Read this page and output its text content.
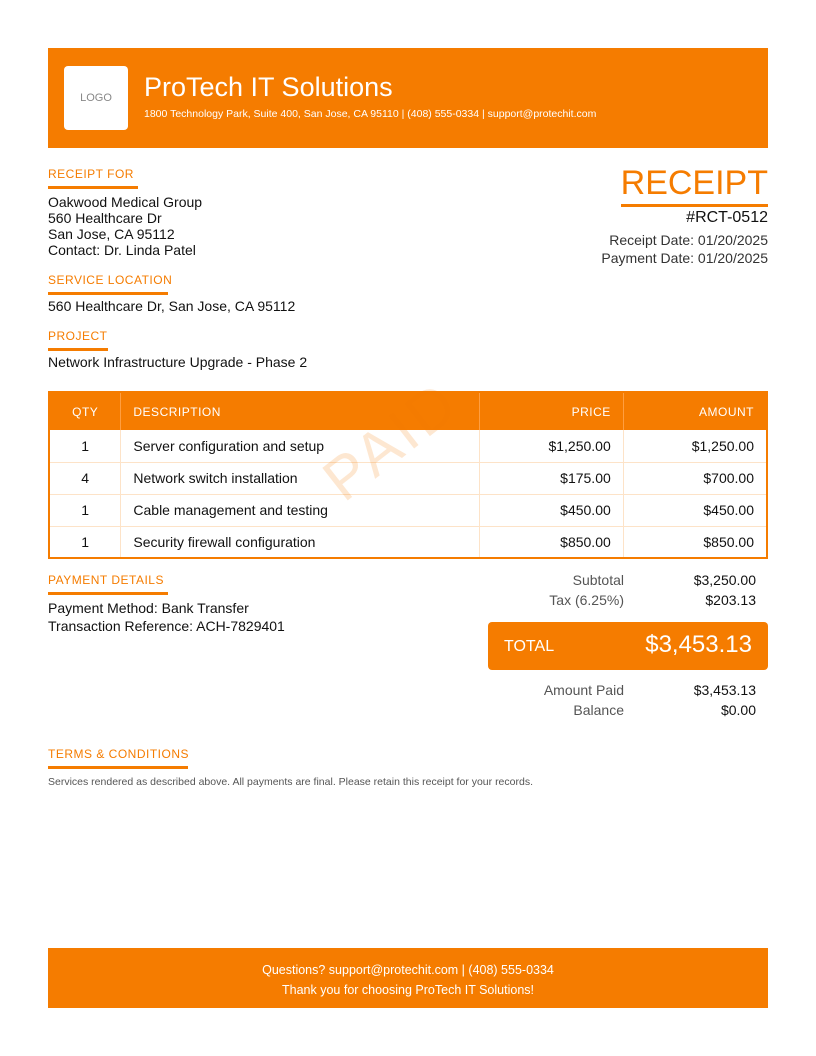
LOGO	ProTech IT Solutions
1800 Technology Park, Suite 400, San Jose, CA 95110 | (408) 555-0334 | support@protechit.com
RECEIPT FOR
Oakwood Medical Group
560 Healthcare Dr
San Jose, CA 95112
Contact: Dr. Linda Patel
SERVICE LOCATION
560 Healthcare Dr, San Jose, CA 95112
PROJECT
Network Infrastructure Upgrade - Phase 2
RECEIPT
#RCT-0512
Receipt Date: 01/20/2025
Payment Date: 01/20/2025
QTY	DESCRIPTION	PRICE	AMOUNT
1	Server configuration and setup	$1,250.00	$1,250.00
4	Network switch installation	$175.00	$700.00
1	Cable management and testing	$450.00	$450.00
1	Security firewall configuration	$850.00	$850.00
PAID
PAYMENT DETAILS
Payment Method: Bank Transfer
Transaction Reference: ACH-7829401
Subtotal	$3,250.00
Tax (6.25%)	$203.13
TOTAL	$3,453.13
Amount Paid	$3,453.13
Balance	$0.00
TERMS & CONDITIONS
Services rendered as described above. All payments are final. Please retain this receipt for your records.
Questions? support@protechit.com | (408) 555-0334
Thank you for choosing ProTech IT Solutions!
